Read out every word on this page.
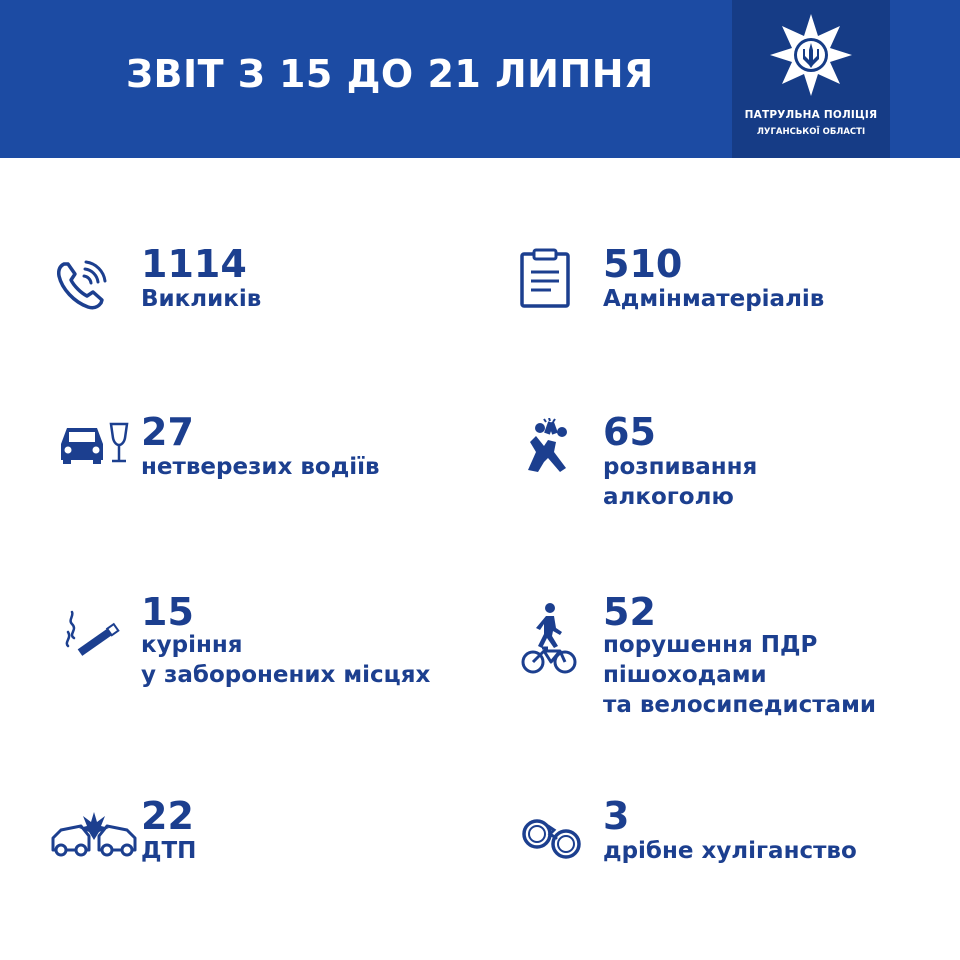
ЗВІТ З 15 ДО 21 ЛИПНЯ
ПАТРУЛЬНА ПОЛІЦІЯ
ЛУГАНСЬКОЇ ОБЛАСТІ
1114
Викликів
510
Адмінматеріалів
27
нетверезих водіїв
65
розпивання
алкоголю
15
куріння
у заборонених місцях
52
порушення ПДР
пішоходами
та велосипедистами
22
ДТП
3
дрібне хуліганство
